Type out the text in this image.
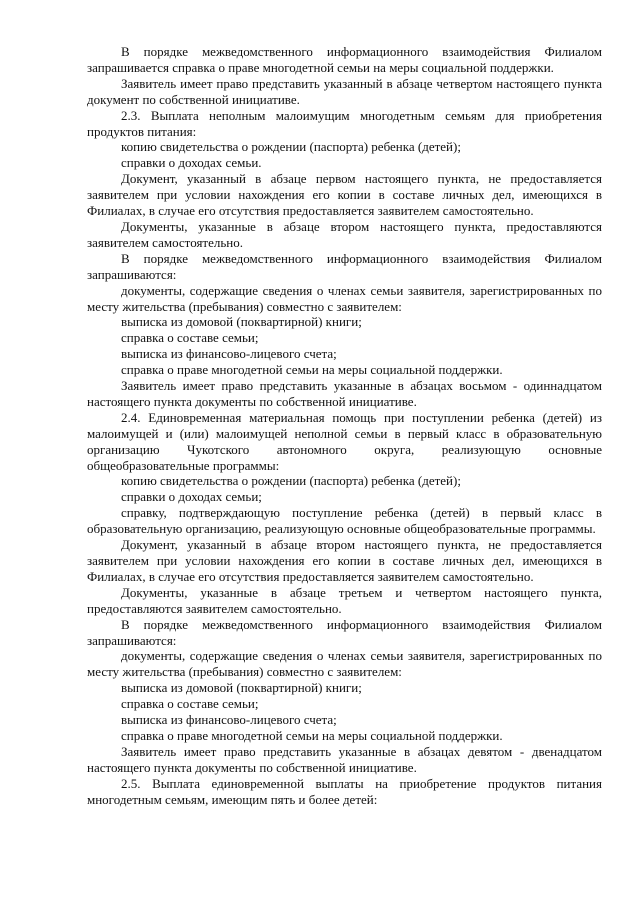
В порядке межведомственного информационного взаимодействия Филиалом запрашивается справка о праве многодетной семьи на меры социальной поддержки.

Заявитель имеет право представить указанный в абзаце четвертом настоящего пункта документ по собственной инициативе.

2.3. Выплата неполным малоимущим многодетным семьям для приобретения продуктов питания:

копию свидетельства о рождении (паспорта) ребенка (детей);

справки о доходах семьи.

Документ, указанный в абзаце первом настоящего пункта, не предоставляется заявителем при условии нахождения его копии в составе личных дел, имеющихся в Филиалах, в случае его отсутствия предоставляется заявителем самостоятельно.

Документы, указанные в абзаце втором настоящего пункта, предоставляются заявителем самостоятельно.

В порядке межведомственного информационного взаимодействия Филиалом запрашиваются:

документы, содержащие сведения о членах семьи заявителя, зарегистрированных по месту жительства (пребывания) совместно с заявителем:

выписка из домовой (поквартирной) книги;

справка о составе семьи;

выписка из финансово-лицевого счета;

справка о праве многодетной семьи на меры социальной поддержки.

Заявитель имеет право представить указанные в абзацах восьмом - одиннадцатом настоящего пункта документы по собственной инициативе.

2.4. Единовременная материальная помощь при поступлении ребенка (детей) из малоимущей и (или) малоимущей неполной семьи в первый класс в образовательную организацию Чукотского автономного округа, реализующую основные общеобразовательные программы:

копию свидетельства о рождении (паспорта) ребенка (детей);

справки о доходах семьи;

справку, подтверждающую поступление ребенка (детей) в первый класс в образовательную организацию, реализующую основные общеобразовательные программы.

Документ, указанный в абзаце втором настоящего пункта, не предоставляется заявителем при условии нахождения его копии в составе личных дел, имеющихся в Филиалах, в случае его отсутствия предоставляется заявителем самостоятельно.

Документы, указанные в абзаце третьем и четвертом настоящего пункта, предоставляются заявителем самостоятельно.

В порядке межведомственного информационного взаимодействия Филиалом запрашиваются:

документы, содержащие сведения о членах семьи заявителя, зарегистрированных по месту жительства (пребывания) совместно с заявителем:

выписка из домовой (поквартирной) книги;

справка о составе семьи;

выписка из финансово-лицевого счета;

справка о праве многодетной семьи на меры социальной поддержки.

Заявитель имеет право представить указанные в абзацах девятом - двенадцатом настоящего пункта документы по собственной инициативе.

2.5. Выплата единовременной выплаты на приобретение продуктов питания многодетным семьям, имеющим пять и более детей:
